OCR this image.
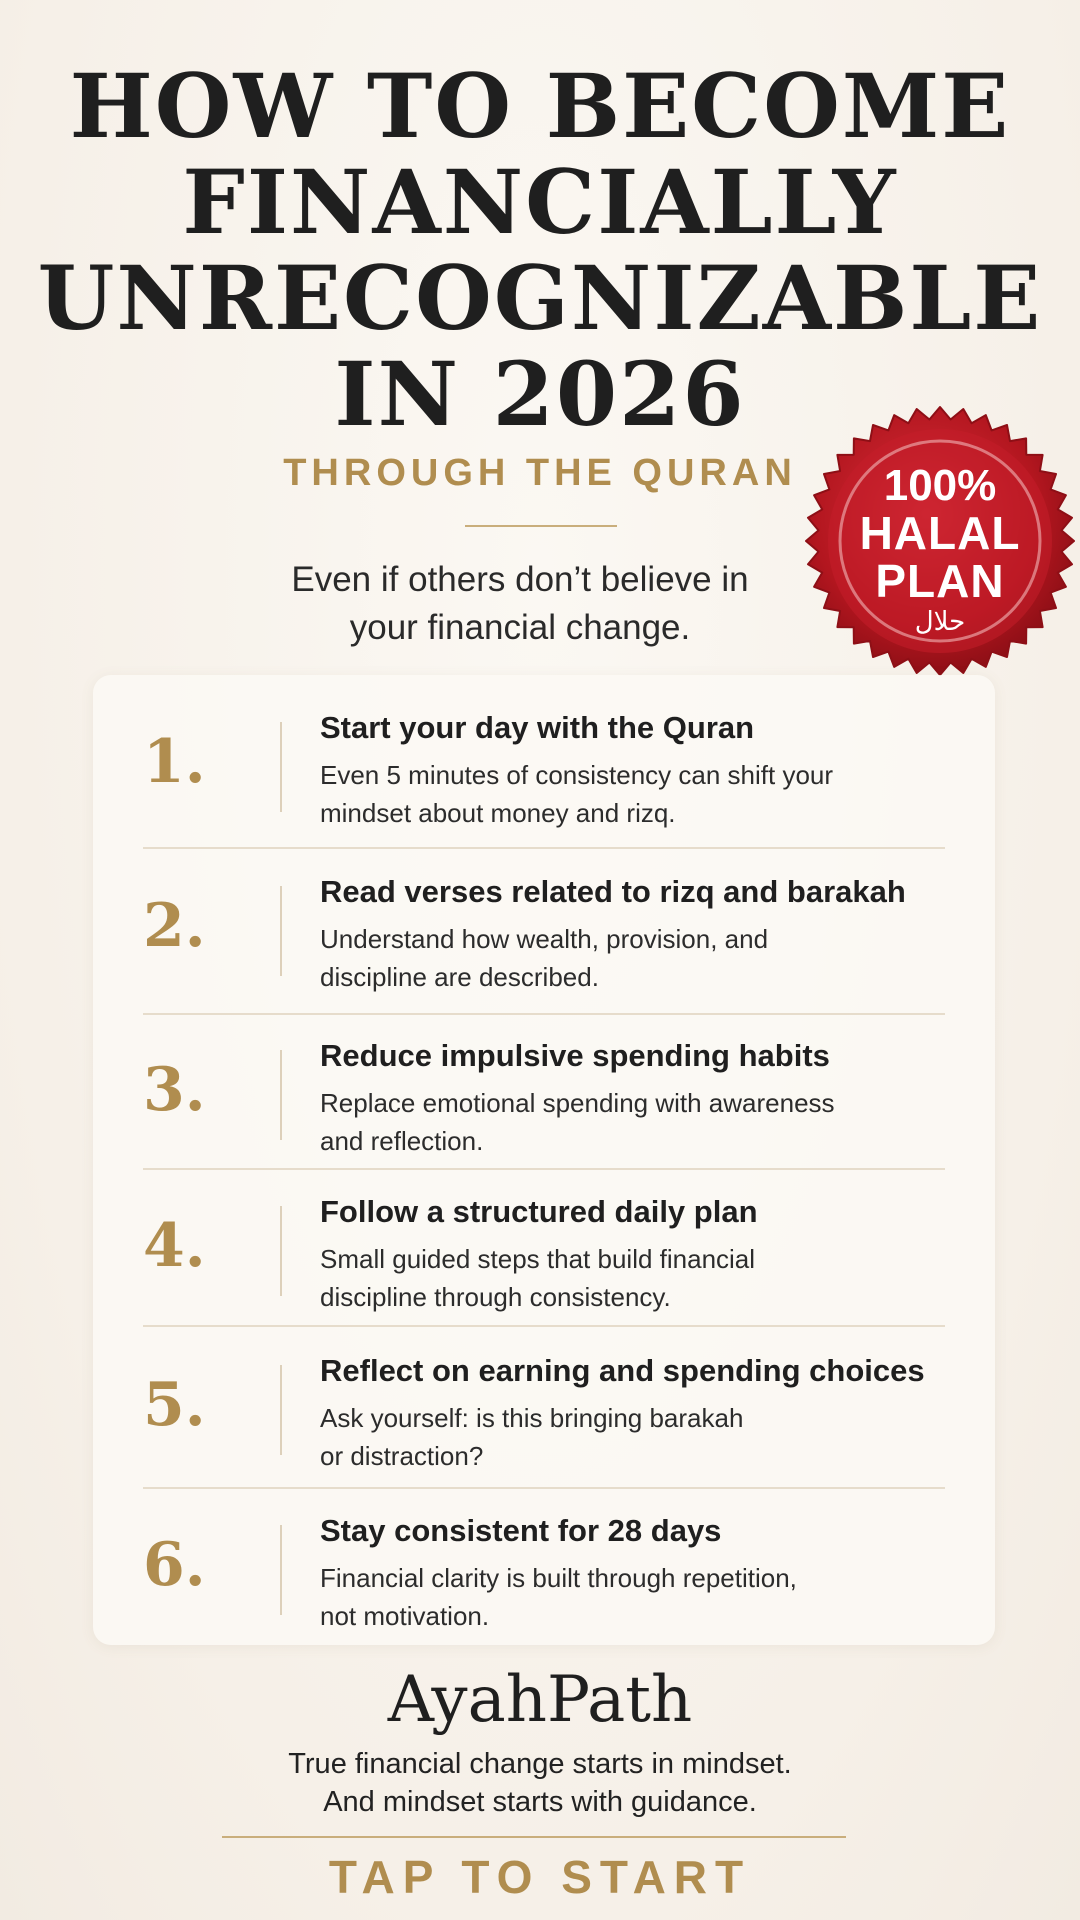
HOW TO BECOME
FINANCIALLY
UNRECOGNIZABLE
IN 2026
THROUGH THE QURAN
Even if others don’t believe in
your financial change.
100%
HALAL
PLAN
حلال
1.	Start your day with the Quran
Even 5 minutes of consistency can shift your
mindset about money and rizq.
2.	Read verses related to rizq and barakah
Understand how wealth, provision, and
discipline are described.
3.	Reduce impulsive spending habits
Replace emotional spending with awareness
and reflection.
4.	Follow a structured daily plan
Small guided steps that build financial
discipline through consistency.
5.	Reflect on earning and spending choices
Ask yourself: is this bringing barakah
or distraction?
6.	Stay consistent for 28 days
Financial clarity is built through repetition,
not motivation.
AyahPath
True financial change starts in mindset.
And mindset starts with guidance.
TAP TO START
